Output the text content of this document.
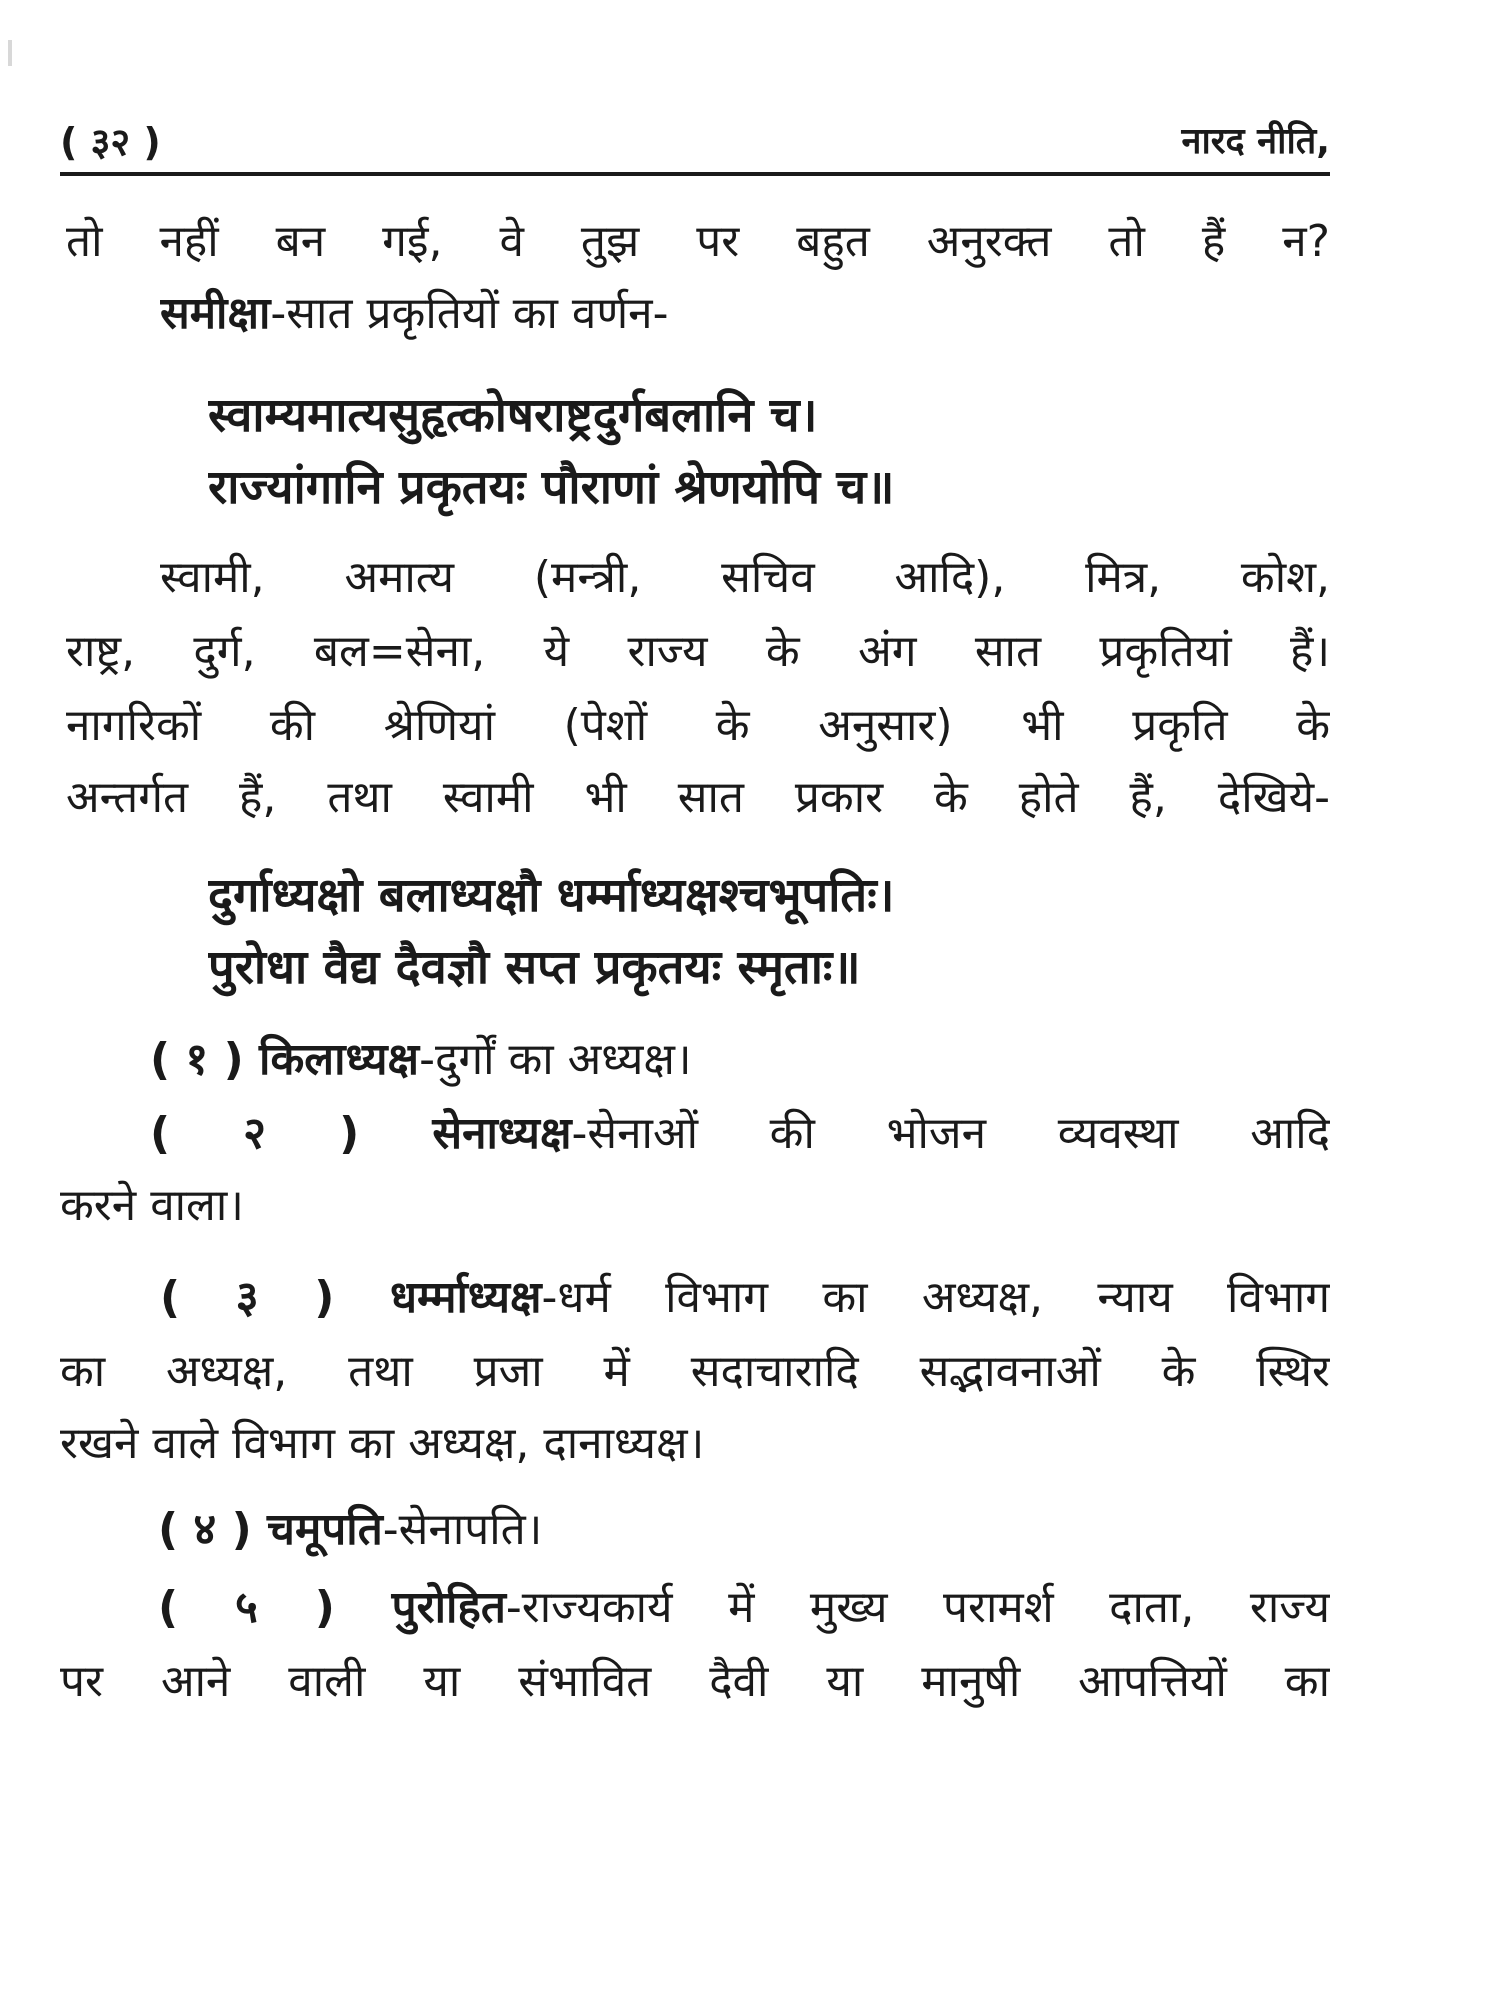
( ३२ )	नारद नीति,
तो नहीं बन गई, वे तुझ पर बहुत अनुरक्त तो हैं न?
समीक्षा-सात प्रकृतियों का वर्णन-
स्वाम्यमात्यसुहृत्कोषराष्ट्रदुर्गबलानि च।
राज्यांगानि प्रकृतयः पौराणां श्रेणयोपि च॥
स्वामी, अमात्य (मन्त्री, सचिव आदि), मित्र, कोश,
राष्ट्र, दुर्ग, बल=सेना, ये राज्य के अंग सात प्रकृतियां हैं।
नागरिकों की श्रेणियां (पेशों के अनुसार) भी प्रकृति के
अन्तर्गत हैं, तथा स्वामी भी सात प्रकार के होते हैं, देखिये-
दुर्गाध्यक्षो बलाध्यक्षौ धर्म्माध्यक्षश्चभूपतिः।
पुरोधा वैद्य दैवज्ञौ सप्त प्रकृतयः स्मृताः॥
( १ ) किलाध्यक्ष-दुर्गों का अध्यक्ष।
( २ ) सेनाध्यक्ष-सेनाओं की भोजन व्यवस्था आदि
करने वाला।
( ३ ) धर्म्माध्यक्ष-धर्म विभाग का अध्यक्ष, न्याय विभाग
का अध्यक्ष, तथा प्रजा में सदाचारादि सद्भावनाओं के स्थिर
रखने वाले विभाग का अध्यक्ष, दानाध्यक्ष।
( ४ ) चमूपति-सेनापति।
( ५ ) पुरोहित-राज्यकार्य में मुख्य परामर्श दाता, राज्य
पर आने वाली या संभावित दैवी या मानुषी आपत्तियों का
